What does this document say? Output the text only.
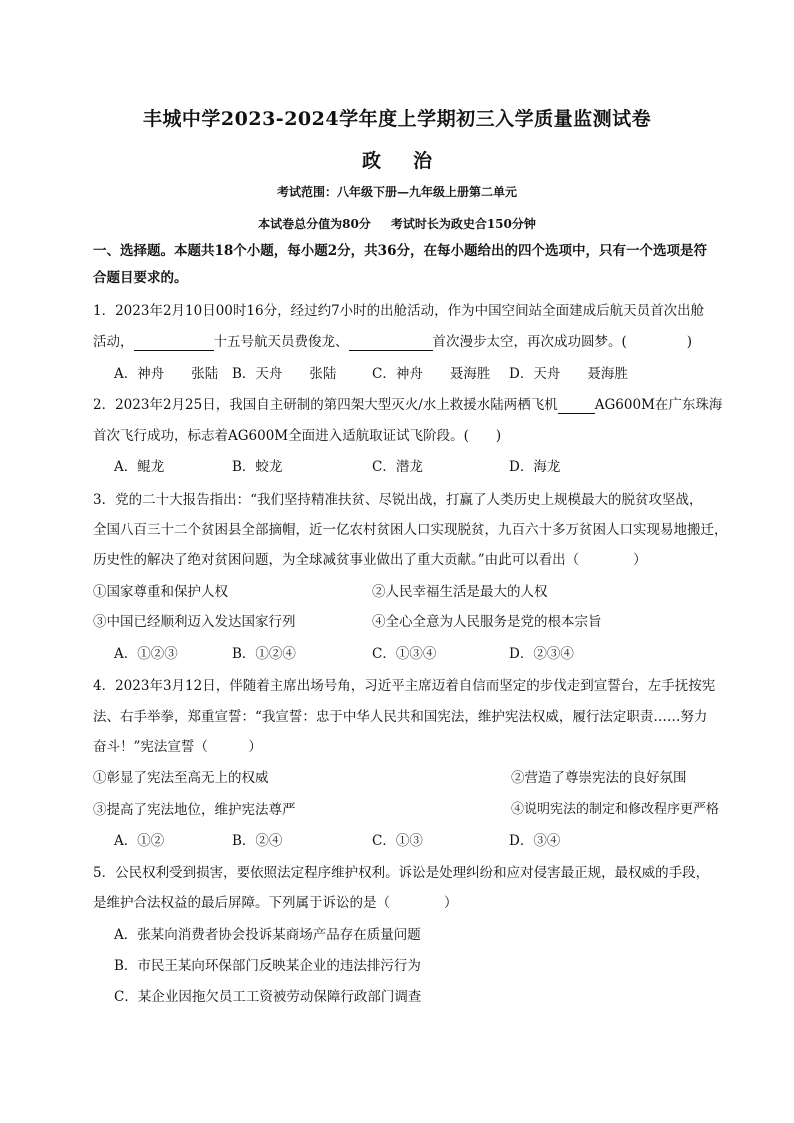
丰城中学2023-2024学年度上学期初三入学质量监测试卷
政 治
考试范围：八年级下册—九年级上册第二单元
本试卷总分值为80分 考试时长为政史合150分钟
一、选择题。本题共18个小题，每小题2分，共36分，在每小题给出的四个选项中，只有一个选项是符
合题目要求的。
1．2023年2月10日00时16分，经过约7小时的出舱活动，作为中国空间站全面建成后航天员首次出舱
活动，	十五号航天员费俊龙、	首次漫步太空，再次成功圆梦。(	)
A．神舟　　张陆 B．天舟　　张陆	C．神舟　　聂海胜 D．天舟　　聂海胜
2．2023年2月25日，我国自主研制的第四架大型灭火/水上救援水陆两栖飞机	AG600M在广东珠海
首次飞行成功，标志着AG600M全面进入适航取证试飞阶段。(　　)
A．鲲龙	B．蛟龙	C．潜龙	D．海龙
3．党的二十大报告指出：“我们坚持精准扶贫、尽锐出战，打赢了人类历史上规模最大的脱贫攻坚战，
全国八百三十二个贫困县全部摘帽，近一亿农村贫困人口实现脱贫，九百六十多万贫困人口实现易地搬迁，
历史性的解决了绝对贫困问题，为全球减贫事业做出了重大贡献。”由此可以看出（　　　　）
①国家尊重和保护人权	②人民幸福生活是最大的人权
③中国已经顺利迈入发达国家行列	④全心全意为人民服务是党的根本宗旨
A．①②③	B．①②④	C．①③④	D．②③④
4．2023年3月12日，伴随着主席出场号角，习近平主席迈着自信而坚定的步伐走到宣誓台，左手抚按宪
法、右手举拳，郑重宣誓：“我宣誓：忠于中华人民共和国宪法，维护宪法权威，履行法定职责……努力
奋斗！”宪法宣誓（　　　）
①彰显了宪法至高无上的权威	②营造了尊崇宪法的良好氛围
③提高了宪法地位，维护宪法尊严	④说明宪法的制定和修改程序更严格
A．①②	B．②④	C．①③	D．③④
5．公民权利受到损害，要依照法定程序维护权利。诉讼是处理纠纷和应对侵害最正规，最权威的手段，
是维护合法权益的最后屏障。下列属于诉讼的是（　　　　）
A．张某向消费者协会投诉某商场产品存在质量问题
B．市民王某向环保部门反映某企业的违法排污行为
C．某企业因拖欠员工工资被劳动保障行政部门调查
